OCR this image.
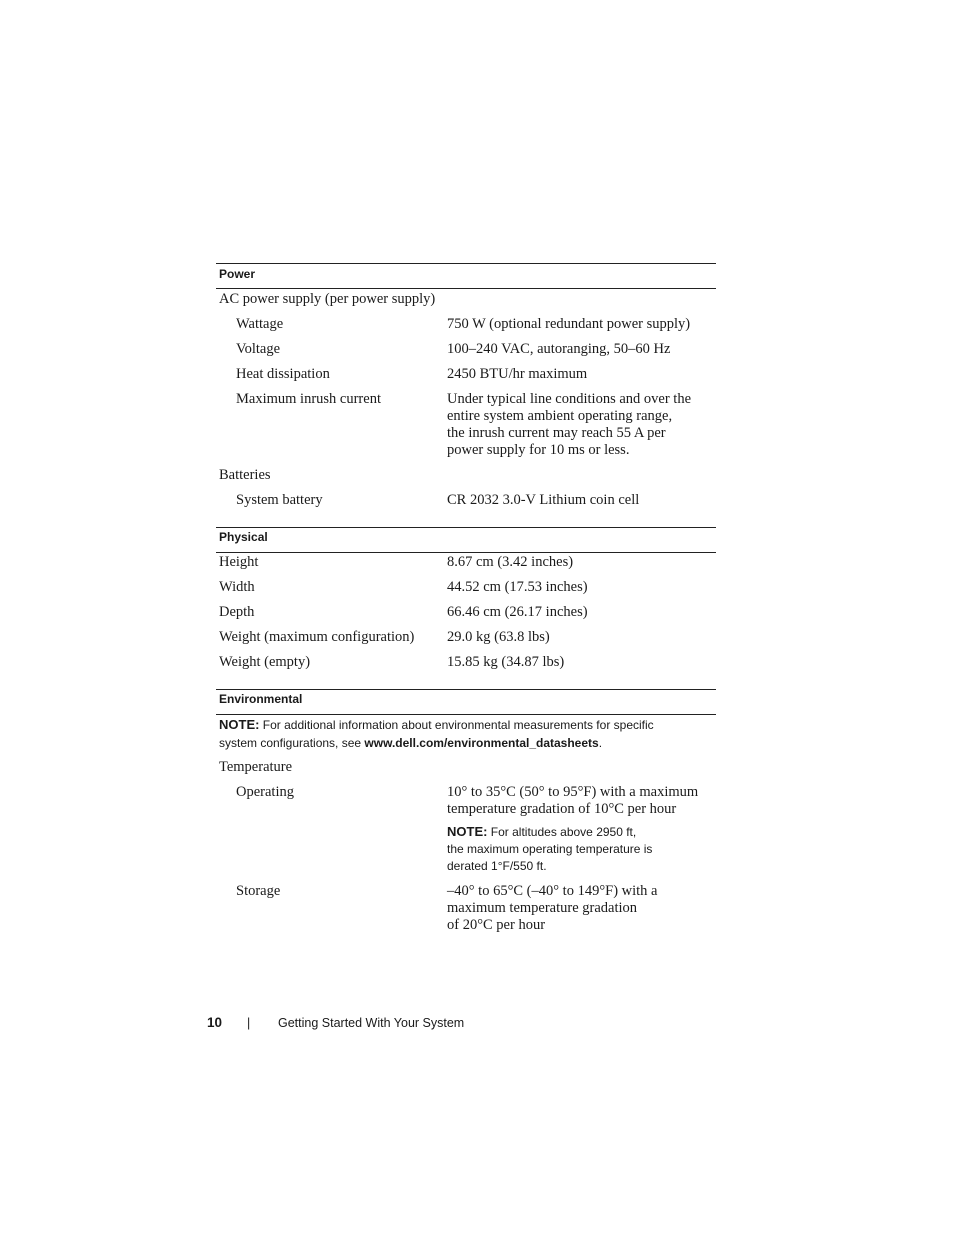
Power
AC power supply (per power supply)
Wattage	750 W (optional redundant power supply)
Voltage	100–240 VAC, autoranging, 50–60 Hz
Heat dissipation	2450 BTU/hr maximum
Maximum inrush current	Under typical line conditions and over the
entire system ambient operating range,
the inrush current may reach 55 A per
power supply for 10 ms or less.
Batteries
System battery	CR 2032 3.0-V Lithium coin cell
Physical
Height	8.67 cm (3.42 inches)
Width	44.52 cm (17.53 inches)
Depth	66.46 cm (26.17 inches)
Weight (maximum configuration) 29.0 kg (63.8 lbs)
Weight (empty)	15.85 kg (34.87 lbs)
Environmental
NOTE: For additional information about environmental measurements for specific
system configurations, see www.dell.com/environmental_datasheets.
Temperature
Operating	10° to 35°C (50° to 95°F) with a maximum
temperature gradation of 10°C per hour
NOTE: For altitudes above 2950 ft,
the maximum operating temperature is
derated 1°F/550 ft.
Storage	–40° to 65°C (–40° to 149°F) with a
maximum temperature gradation
of 20°C per hour
10 | Getting Started With Your System
